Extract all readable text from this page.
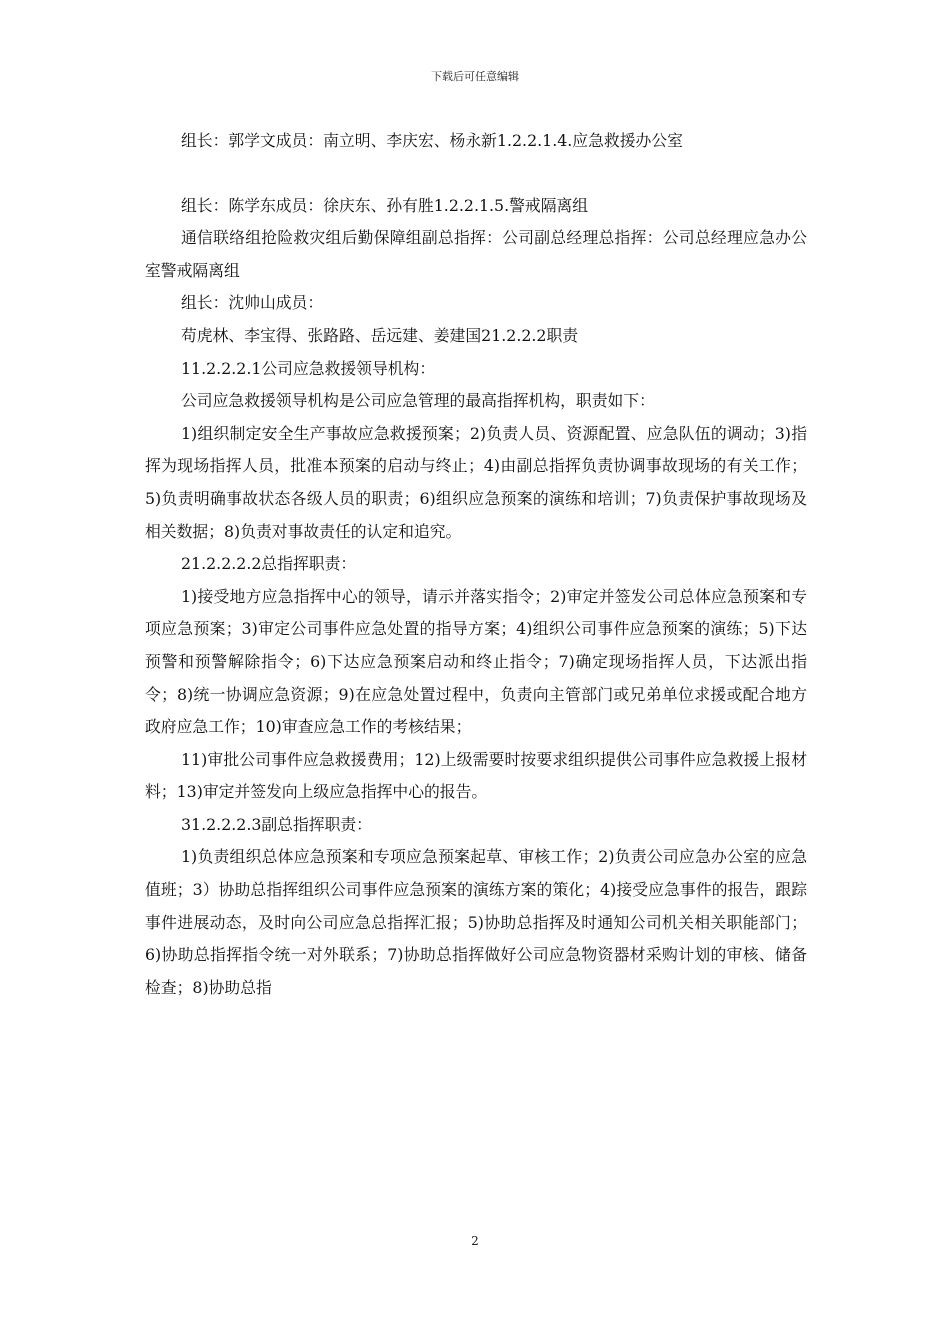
下载后可任意编辑

组长：郭学文成员：南立明、李庆宏、杨永新1.2.2.1.4.应急救援办公室

组长：陈学东成员：徐庆东、孙有胜1.2.2.1.5.警戒隔离组

通信联络组抢险救灾组后勤保障组副总指挥：公司副总经理总指挥：公司总经理应急办公室警戒隔离组

组长：沈帅山成员：

苟虎林、李宝得、张路路、岳远建、姜建国21.2.2.2职责

11.2.2.2.1公司应急救援领导机构：

公司应急救援领导机构是公司应急管理的最高指挥机构，职责如下：

1)组织制定安全生产事故应急救援预案；2)负责人员、资源配置、应急队伍的调动；3)指挥为现场指挥人员，批准本预案的启动与终止；4)由副总指挥负责协调事故现场的有关工作；5)负责明确事故状态各级人员的职责；6)组织应急预案的演练和培训；7)负责保护事故现场及相关数据；8)负责对事故责任的认定和追究。

21.2.2.2.2总指挥职责：

1)接受地方应急指挥中心的领导，请示并落实指令；2)审定并签发公司总体应急预案和专项应急预案；3)审定公司事件应急处置的指导方案；4)组织公司事件应急预案的演练；5)下达预警和预警解除指令；6)下达应急预案启动和终止指令；7)确定现场指挥人员，下达派出指令；8)统一协调应急资源；9)在应急处置过程中，负责向主管部门或兄弟单位求援或配合地方政府应急工作；10)审查应急工作的考核结果；

11)审批公司事件应急救援费用；12)上级需要时按要求组织提供公司事件应急救援上报材料；13)审定并签发向上级应急指挥中心的报告。

31.2.2.2.3副总指挥职责：

1)负责组织总体应急预案和专项应急预案起草、审核工作；2)负责公司应急办公室的应急值班；3）协助总指挥组织公司事件应急预案的演练方案的策化；4)接受应急事件的报告，跟踪事件进展动态，及时向公司应急总指挥汇报；5)协助总指挥及时通知公司机关相关职能部门；6)协助总指挥指令统一对外联系；7)协助总指挥做好公司应急物资器材采购计划的审核、储备检查；8)协助总指

2
